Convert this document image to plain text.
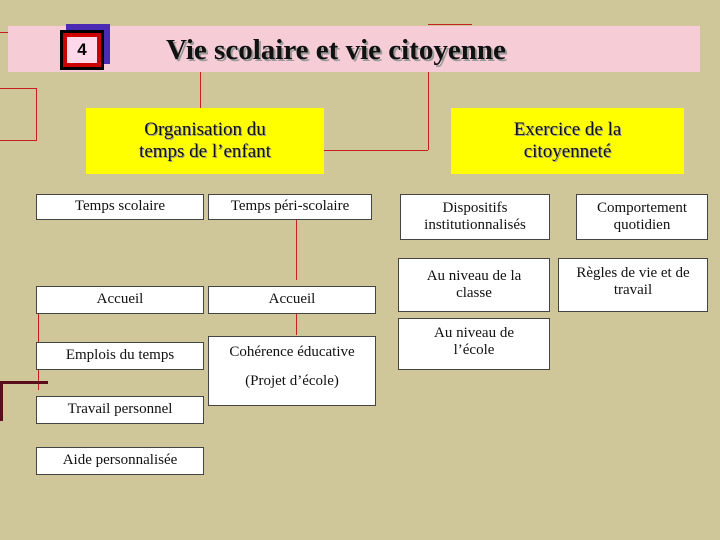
4	Vie scolaire et vie citoyenne
Organisation du
temps de l’enfant
Exercice de la
citoyenneté
Temps scolaire	Temps péri-scolaire	Dispositifs
institutionnalisés
Comportement
quotidien
Accueil
Emplois du temps
Travail personnel
Aide personnalisée
Accueil
Cohérence éducative
(Projet d’école)
Au niveau de la
classe
Au niveau de
l’école
Règles de vie et de
travail
